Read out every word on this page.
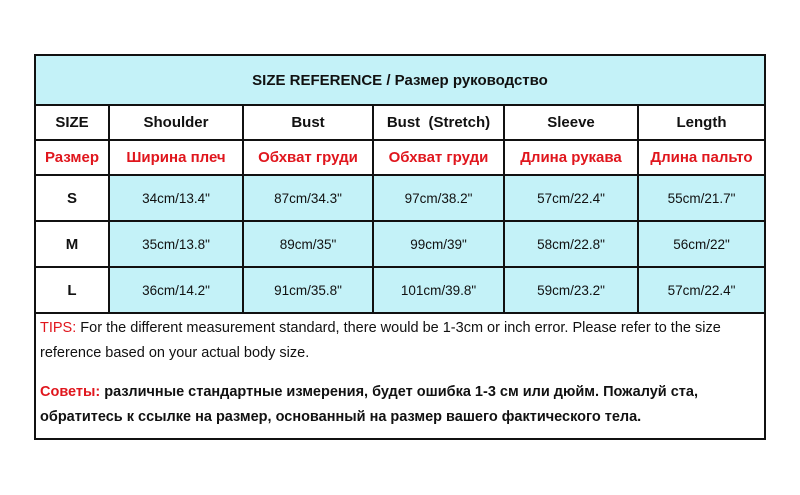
SIZE REFERENCE / Размер руководство
SIZE	Shoulder	Bust	Bust  (Stretch)	Sleeve	Length
Размер	Ширина плеч	Обхват груди	Обхват груди	Длина рукава	Длина пальто
S	34cm/13.4"	87cm/34.3"	97cm/38.2"	57cm/22.4"	55cm/21.7"
M	35cm/13.8"	89cm/35"	99cm/39"	58cm/22.8"	56cm/22"
L	36cm/14.2"	91cm/35.8"	101cm/39.8"	59cm/23.2"	57cm/22.4"
TIPS: For the different measurement standard, there would be 1-3cm or inch error. Please refer to the size reference based on your actual body size.
Советы: различные стандартные измерения, будет ошибка 1-3 см или дюйм. Пожалуй ста, обратитесь к ссылке на размер, основанный на размер вашего фактического тела.
